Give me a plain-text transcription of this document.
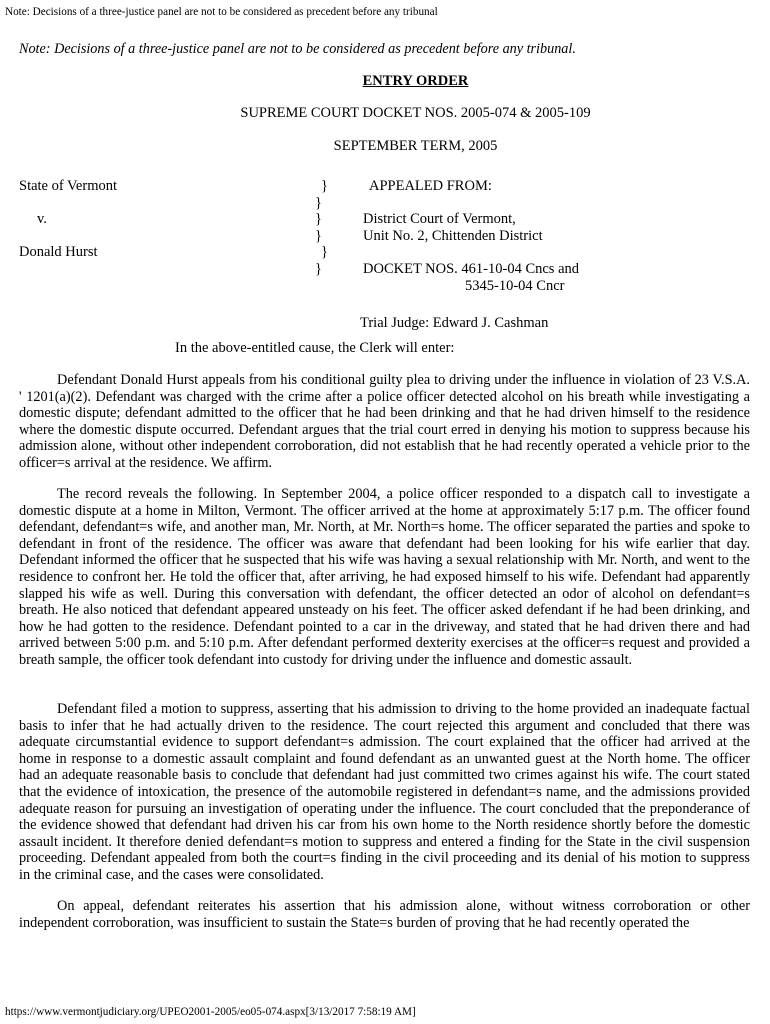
Note: Decisions of a three-justice panel are not to be considered as precedent before any tribunal
Note: Decisions of a three-justice panel are not to be considered as precedent before any tribunal.
ENTRY ORDER
SUPREME COURT DOCKET NOS. 2005-074 & 2005-109
SEPTEMBER TERM, 2005
State of Vermont
v.
Donald Hurst
}
}
}
}
}
}
APPEALED FROM:
District Court of Vermont,
Unit No. 2, Chittenden District
DOCKET NOS. 461-10-04 Cncs and
5345-10-04 Cncr
Trial Judge: Edward J. Cashman
In the above-entitled cause, the Clerk will enter:

Defendant Donald Hurst appeals from his conditional guilty plea to driving under the influence in violation of 23 V.S.A. ' 1201(a)(2). Defendant was charged with the crime after a police officer detected alcohol on his breath while investigating a domestic dispute; defendant admitted to the officer that he had been drinking and that he had driven himself to the residence where the domestic dispute occurred. Defendant argues that the trial court erred in denying his motion to suppress because his admission alone, without other independent corroboration, did not establish that he had recently operated a vehicle prior to the officer=s arrival at the residence. We affirm.

The record reveals the following. In September 2004, a police officer responded to a dispatch call to investigate a domestic dispute at a home in Milton, Vermont. The officer arrived at the home at approximately 5:17 p.m. The officer found defendant, defendant=s wife, and another man, Mr. North, at Mr. North=s home. The officer separated the parties and spoke to defendant in front of the residence. The officer was aware that defendant had been looking for his wife earlier that day. Defendant informed the officer that he suspected that his wife was having a sexual relationship with Mr. North, and went to the residence to confront her. He told the officer that, after arriving, he had exposed himself to his wife. Defendant had apparently slapped his wife as well. During this conversation with defendant, the officer detected an odor of alcohol on defendant=s breath. He also noticed that defendant appeared unsteady on his feet. The officer asked defendant if he had been drinking, and how he had gotten to the residence. Defendant pointed to a car in the driveway, and stated that he had driven there and had arrived between 5:00 p.m. and 5:10 p.m. After defendant performed dexterity exercises at the officer=s request and provided a breath sample, the officer took defendant into custody for driving under the influence and domestic assault.

Defendant filed a motion to suppress, asserting that his admission to driving to the home provided an inadequate factual basis to infer that he had actually driven to the residence. The court rejected this argument and concluded that there was adequate circumstantial evidence to support defendant=s admission. The court explained that the officer had arrived at the home in response to a domestic assault complaint and found defendant as an unwanted guest at the North home. The officer had an adequate reasonable basis to conclude that defendant had just committed two crimes against his wife. The court stated that the evidence of intoxication, the presence of the automobile registered in defendant=s name, and the admissions provided adequate reason for pursuing an investigation of operating under the influence. The court concluded that the preponderance of the evidence showed that defendant had driven his car from his own home to the North residence shortly before the domestic assault incident. It therefore denied defendant=s motion to suppress and entered a finding for the State in the civil suspension proceeding. Defendant appealed from both the court=s finding in the civil proceeding and its denial of his motion to suppress in the criminal case, and the cases were consolidated.

On appeal, defendant reiterates his assertion that his admission alone, without witness corroboration or other independent corroboration, was insufficient to sustain the State=s burden of proving that he had recently operated the

https://www.vermontjudiciary.org/UPEO2001-2005/eo05-074.aspx[3/13/2017 7:58:19 AM]
